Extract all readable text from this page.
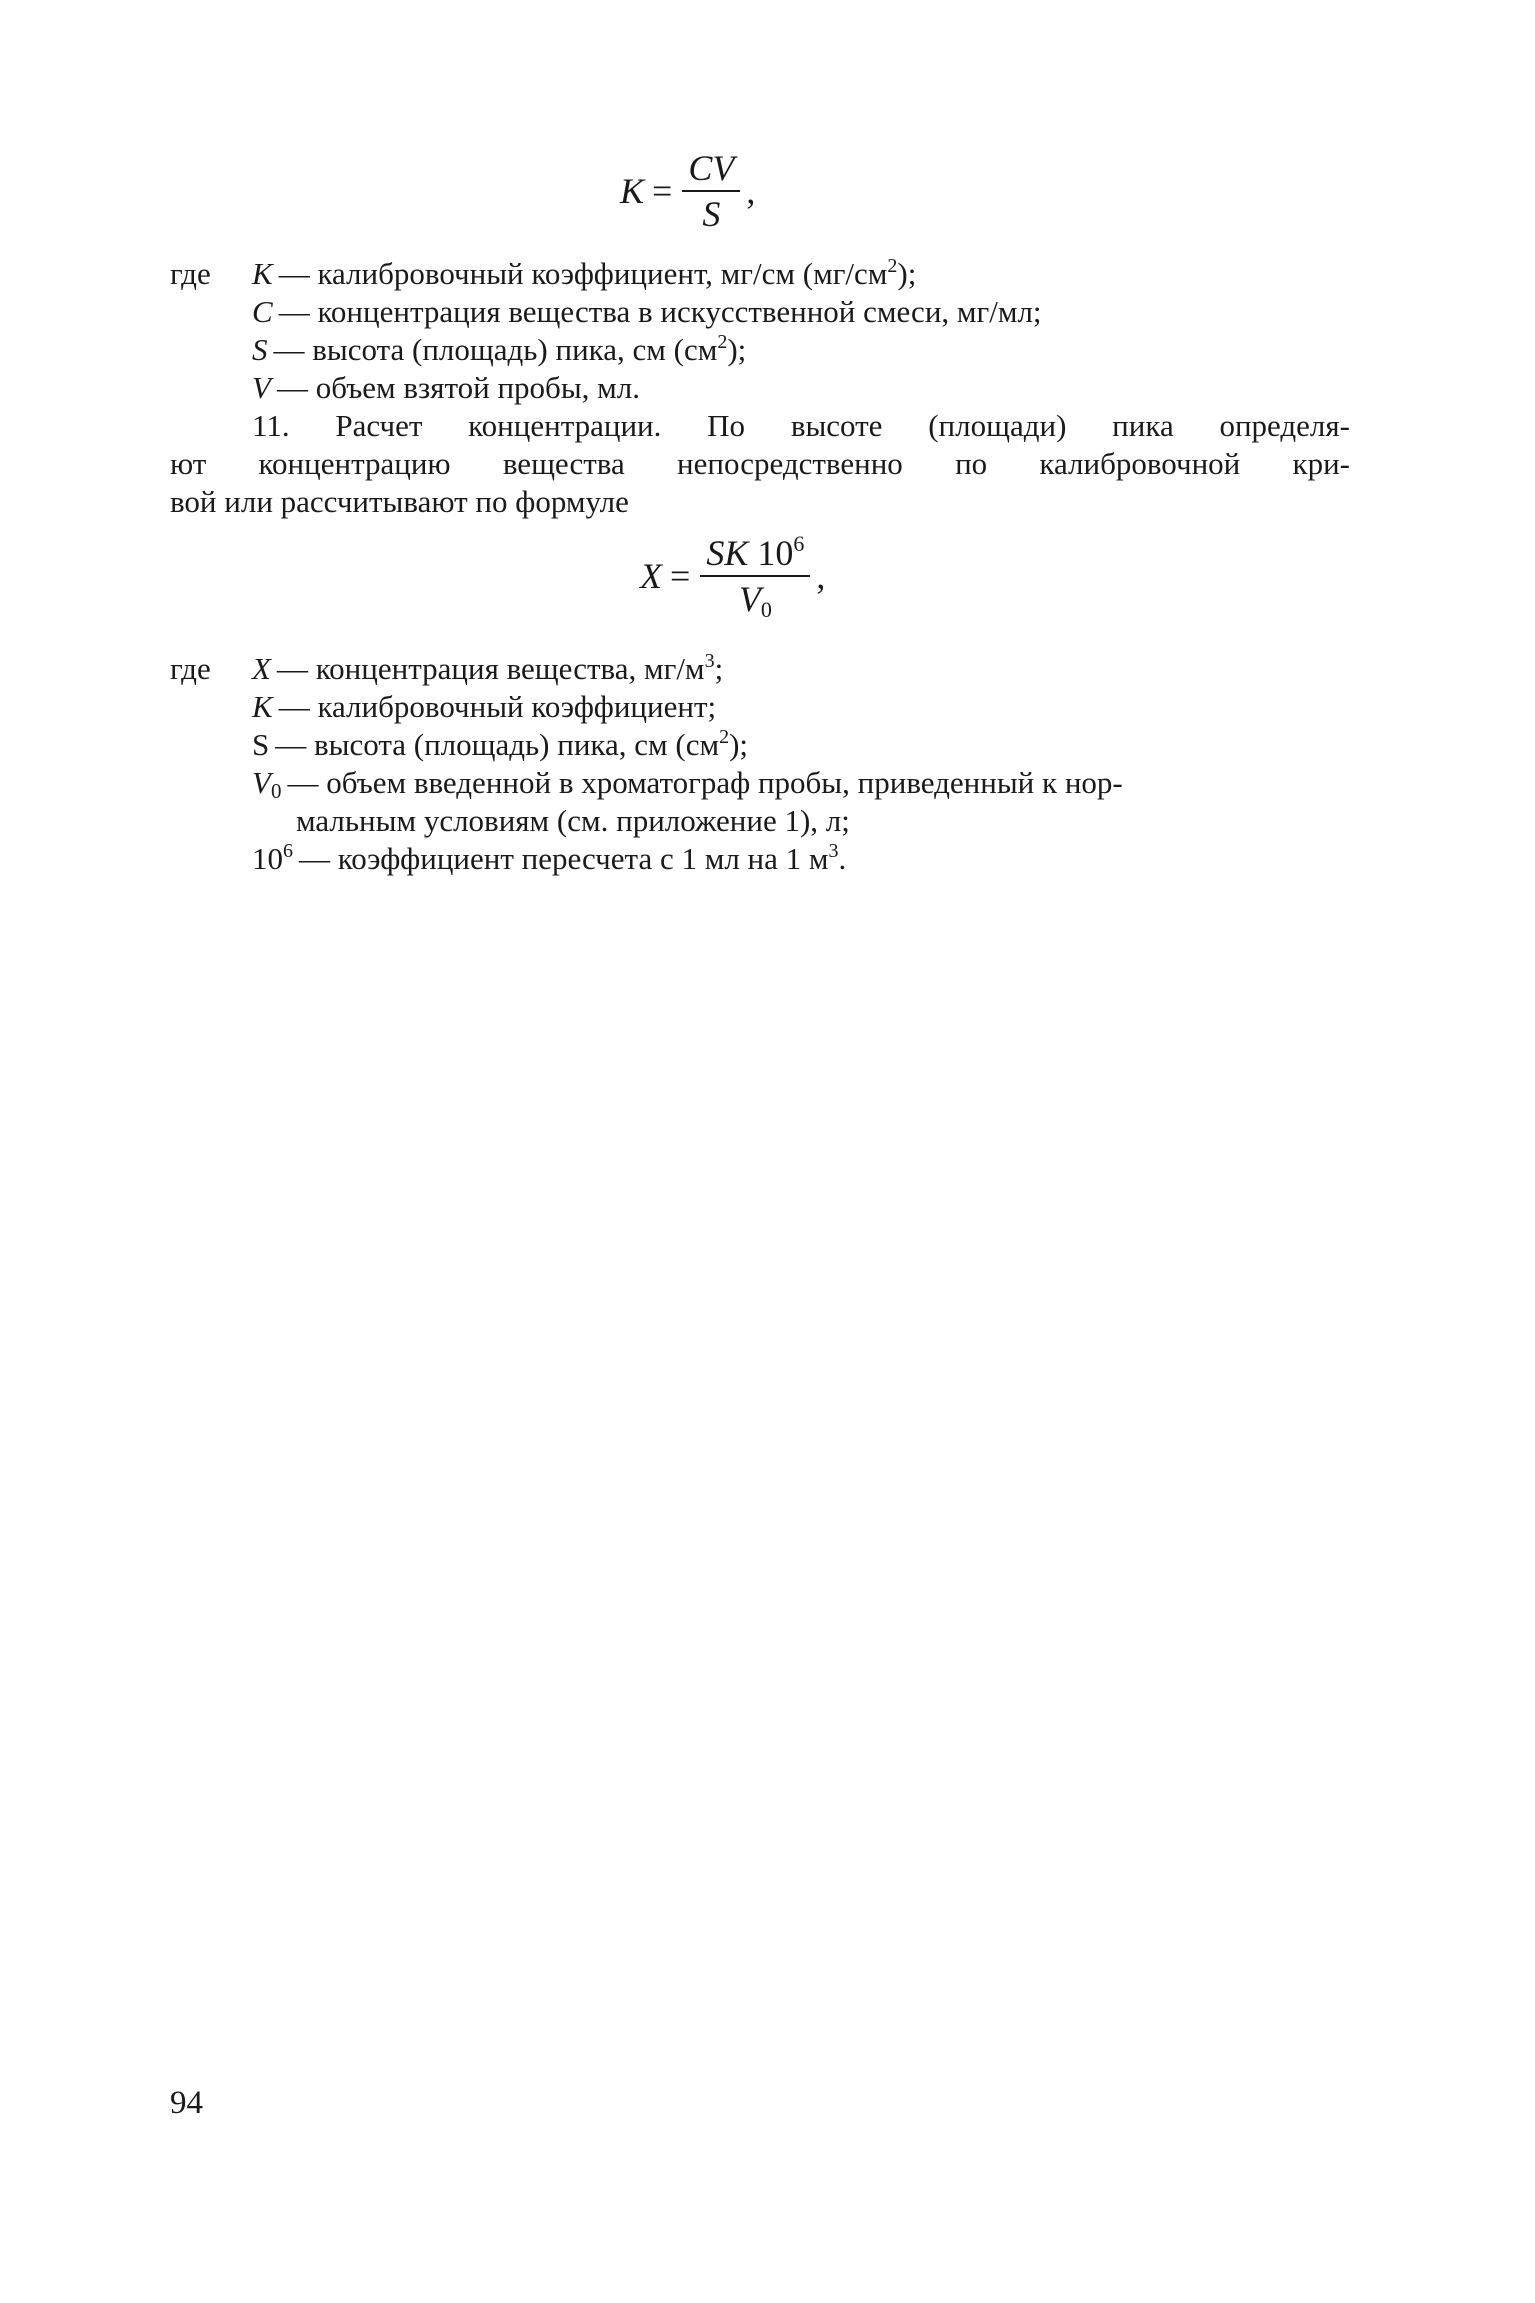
$K = \frac{CV}{S}$ ,
где	K — калибровочный коэффициент, мг/см $(мг/см^2)$;
C — концентрация вещества в искусственной смеси, мг/мл;
S — высота (площадь) пика, см $(см^2)$;
V — объем взятой пробы, мл.
11. Расчет концентрации. По высоте (площади) пика определя-
ют концентрацию вещества непосредственно по калибровочной кри-
вой или рассчитывают по формуле
$X = \frac{SK 10^6}{V_0}$ ,
где	X — концентрация вещества, $мг/м^3$;
K — калибровочный коэффициент;
S — высота (площадь) пика, см $(см^2)$;
$V_0$ — объем введенной в хроматограф пробы, приведенный к нор-
мальным условиям (см. приложение 1), л;
$10^6$ — коэффициент пересчета с 1 мл на 1 $м^3$.
94
